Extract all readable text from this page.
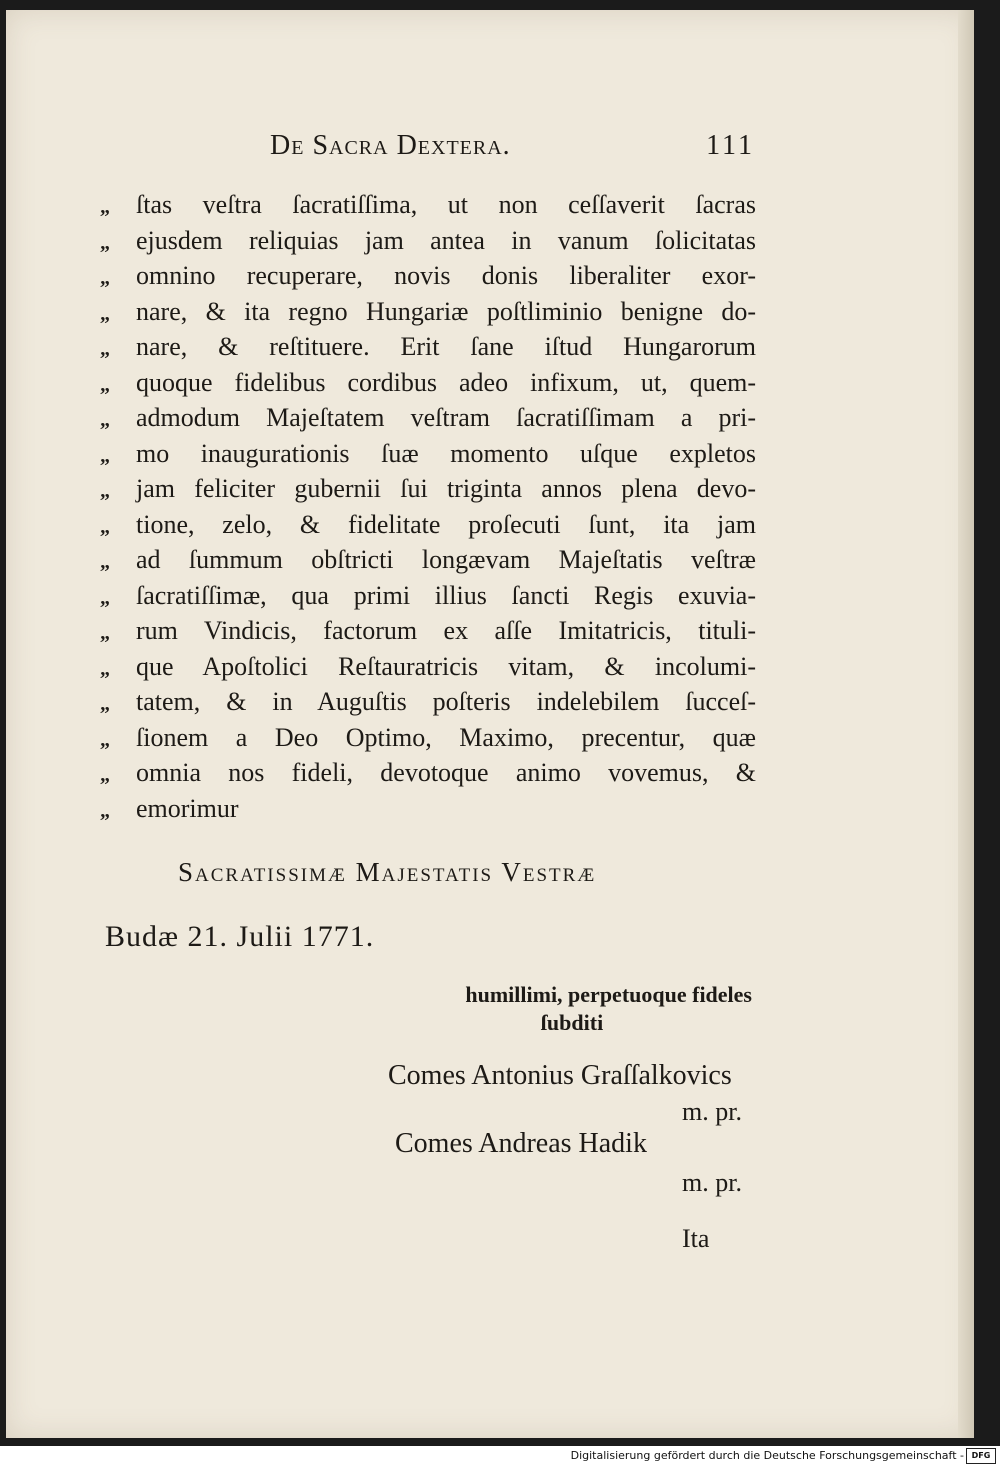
De Sacra Dextera.	111
„	ſtas veſtra ſacratiſſima, ut non ceſſaverit ſacras
„	ejusdem reliquias jam antea in vanum ſolicitatas
„	omnino recuperare, novis donis liberaliter exor-
„	nare, & ita regno Hungariæ poſtliminio benigne do-
„	nare, & reſtituere. Erit ſane iſtud Hungarorum
„	quoque fidelibus cordibus adeo infixum, ut, quem-
„	admodum Majeſtatem veſtram ſacratiſſimam a pri-
„	mo inaugurationis ſuæ momento uſque expletos
„	jam feliciter gubernii ſui triginta annos plena devo-
„	tione, zelo, & fidelitate proſecuti ſunt, ita jam
„	ad ſummum obſtricti longævam Majeſtatis veſtræ
„	ſacratiſſimæ, qua primi illius ſancti Regis exuvia-
„	rum Vindicis, factorum ex aſſe Imitatricis, tituli-
„	que Apoſtolici Reſtauratricis vitam, & incolumi-
„	tatem, & in Auguſtis poſteris indelebilem ſucceſ-
„	ſionem a Deo Optimo, Maximo, precentur, quæ
„	omnia nos fideli, devotoque animo vovemus, &
„	emorimur
Sacratissimæ Majestatis Vestræ
Budæ 21. Julii 1771.
humillimi, perpetuoque fideles
ſubditi
Comes Antonius Graſſalkovics
m. pr.
Comes Andreas Hadik
m. pr.
Ita
Digitalisierung gefördert durch die Deutsche Forschungsgemeinschaft - DFG
